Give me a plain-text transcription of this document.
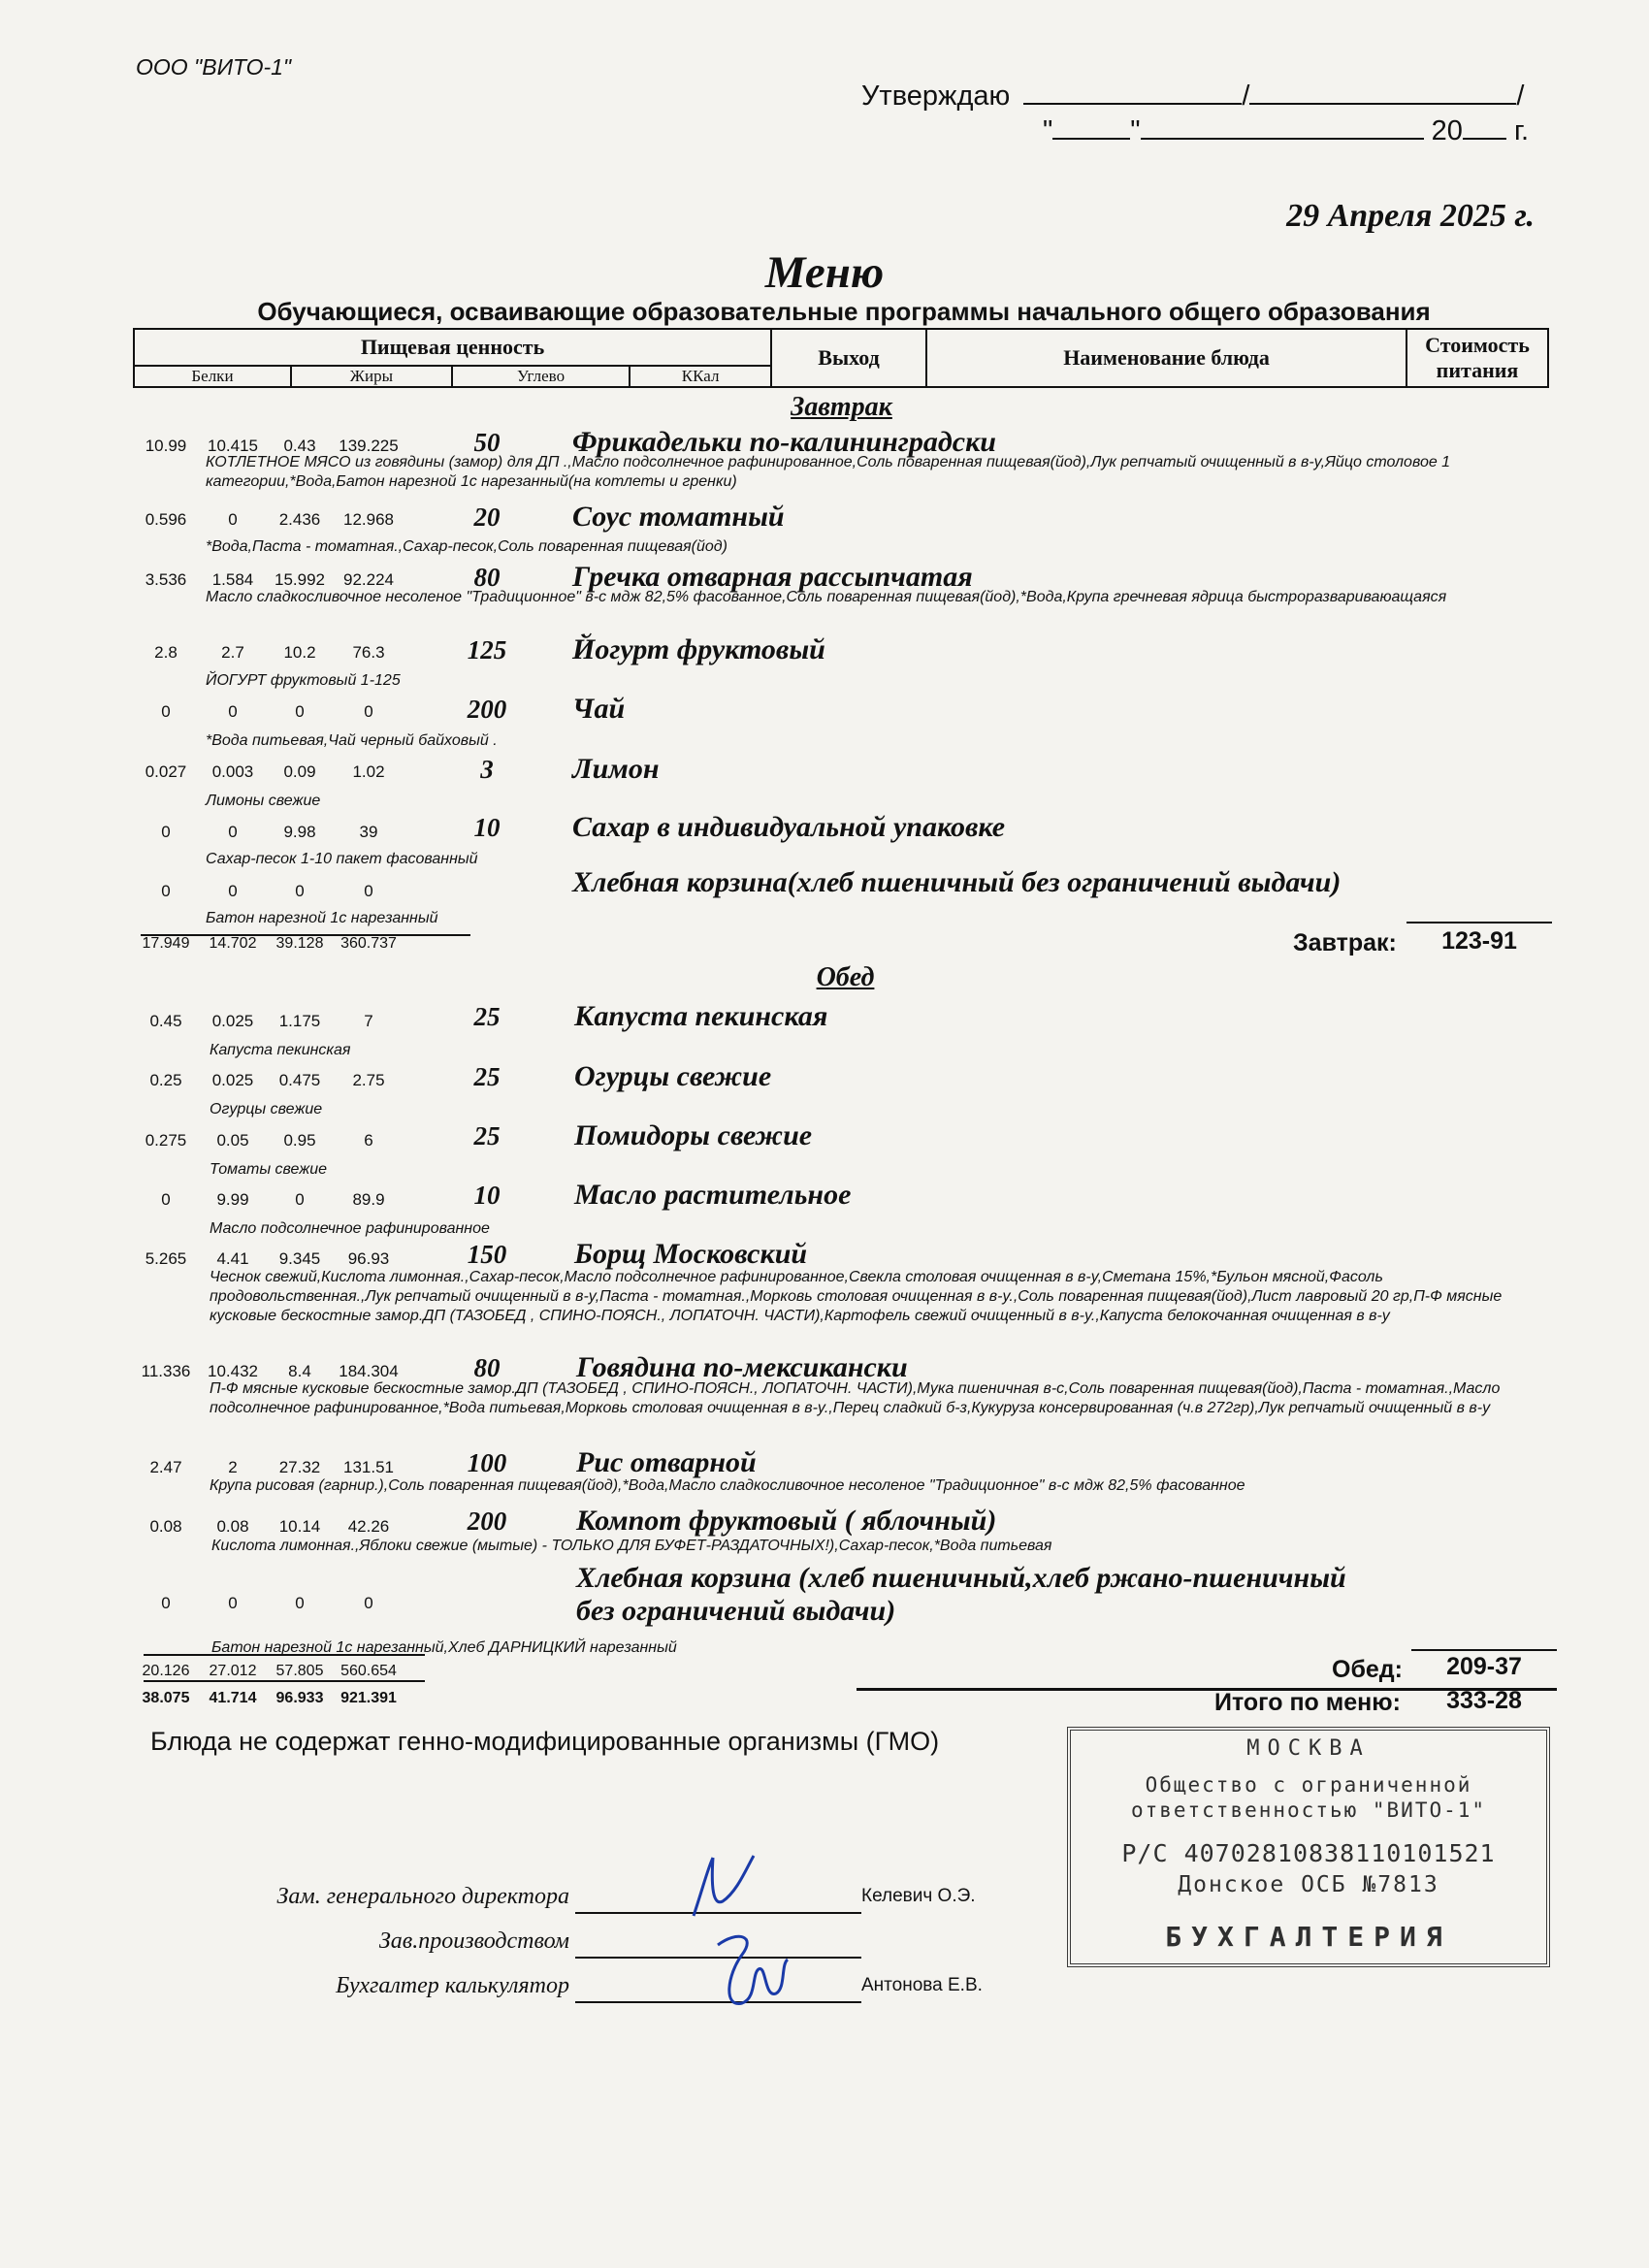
ООО "ВИТО-1"
Утверждаю	/	/
"	"	20 г.
29 Апреля 2025 г.
Меню
Обучающиеся, осваивающие образовательные программы начального общего образования
Пищевая ценность				Выход	Наименование блюда	Стоимость питания
Белки	Жиры	Углево	ККал			
Завтрак
10.99	10.415	0.43	139.225	50	Фрикадельки по-калининградски
КОТЛЕТНОЕ МЯСО из говядины (замор) для ДП .,Масло подсолнечное рафинированное,Соль поваренная пищевая(йод),Лук репчатый очищенный в в-у,Яйцо столовое 1 категории,*Вода,Батон нарезной 1с нарезанный(на котлеты и гренки)
0.596	0	2.436	12.968	20	Соус томатный
*Вода,Паста - томатная.,Сахар-песок,Соль поваренная пищевая(йод)
3.536	1.584	15.992	92.224	80	Гречка отварная рассыпчатая
Масло сладкосливочное несоленое "Традиционное" в-с мдж 82,5% фасованное,Соль поваренная пищевая(йод),*Вода,Крупа гречневая ядрица быстроразвариваюащаяся
2.8	2.7	10.2	76.3	125	Йогурт фруктовый
ЙОГУРТ фруктовый 1-125
0	0	0	0	200	Чай
*Вода питьевая,Чай черный байховый .
0.027	0.003	0.09	1.02	3	Лимон
Лимоны свежие
0	0	9.98	39	10	Сахар в индивидуальной упаковке
Сахар-песок 1-10 пакет фасованный
0	0	0	0	Хлебная корзина(хлеб пшеничный без ограничений выдачи)
Батон нарезной 1с нарезанный
Обед
0.45	0.025	1.175	7	25	Капуста пекинская
Капуста пекинская
0.25	0.025	0.475	2.75	25	Огурцы свежие
Огурцы свежие
0.275	0.05	0.95	6	25	Помидоры свежие
Томаты свежие
0	9.99	0	89.9	10	Масло растительное
Масло подсолнечное рафинированное
5.265	4.41	9.345	96.93	150	Борщ Московский
Чеснок свежий,Кислота лимонная.,Сахар-песок,Масло подсолнечное рафинированное,Свекла столовая очищенная в в-у,Сметана 15%,*Бульон мясной,Фасоль продовольственная.,Лук репчатый очищенный в в-у,Паста - томатная.,Морковь столовая очищенная в в-у.,Соль поваренная пищевая(йод),Лист лавровый 20 гр,П-Ф мясные кусковые бескостные замор.ДП (ТАЗОБЕД , СПИНО-ПОЯСН., ЛОПАТОЧН. ЧАСТИ),Картофель свежий очищенный в в-у.,Капуста белокочанная очищенная в в-у
11.336	10.432	8.4	184.304	80	Говядина по-мексикански
П-Ф мясные кусковые бескостные замор.ДП (ТАЗОБЕД , СПИНО-ПОЯСН., ЛОПАТОЧН. ЧАСТИ),Мука пшеничная в-с,Соль поваренная пищевая(йод),Паста - томатная.,Масло подсолнечное рафинированное,*Вода питьевая,Морковь столовая очищенная в в-у.,Перец сладкий б-з,Кукуруза консервированная (ч.в 272гр),Лук репчатый очищенный в в-у
2.47	2	27.32	131.51	100	Рис отварной
Крупа рисовая (гарнир.),Соль поваренная пищевая(йод),*Вода,Масло сладкосливочное несоленое "Традиционное" в-с мдж 82,5% фасованное
0.08	0.08	10.14	42.26	200	Компот фруктовый ( яблочный)
Кислота лимонная.,Яблоки свежие (мытые) - ТОЛЬКО ДЛЯ БУФЕТ-РАЗДАТОЧНЫХ!),Сахар-песок,*Вода питьевая
0	0	0	0
Хлебная корзина (хлеб пшеничный,хлеб ржано-пшеничный
без ограничений выдачи)
Батон нарезной 1с нарезанный,Хлеб ДАРНИЦКИЙ нарезанный
17.949	14.702	39.128	360.737	Завтрак:	123-91
20.126	27.012	57.805	560.654	Обед:	209-37
38.075	41.714	96.933	921.391	Итого по меню:	333-28
Блюда не содержат генно-модифицированные организмы (ГМО)
Зам. генерального директора	Келевич О.Э.
Зав.производством
Бухгалтер калькулятор	Антонова Е.В.
МОСКВА
Общество с ограниченной
ответственностью "ВИТО-1"
Р/С 40702810838110101521
Донское ОСБ №7813
БУХГАЛТЕРИЯ
